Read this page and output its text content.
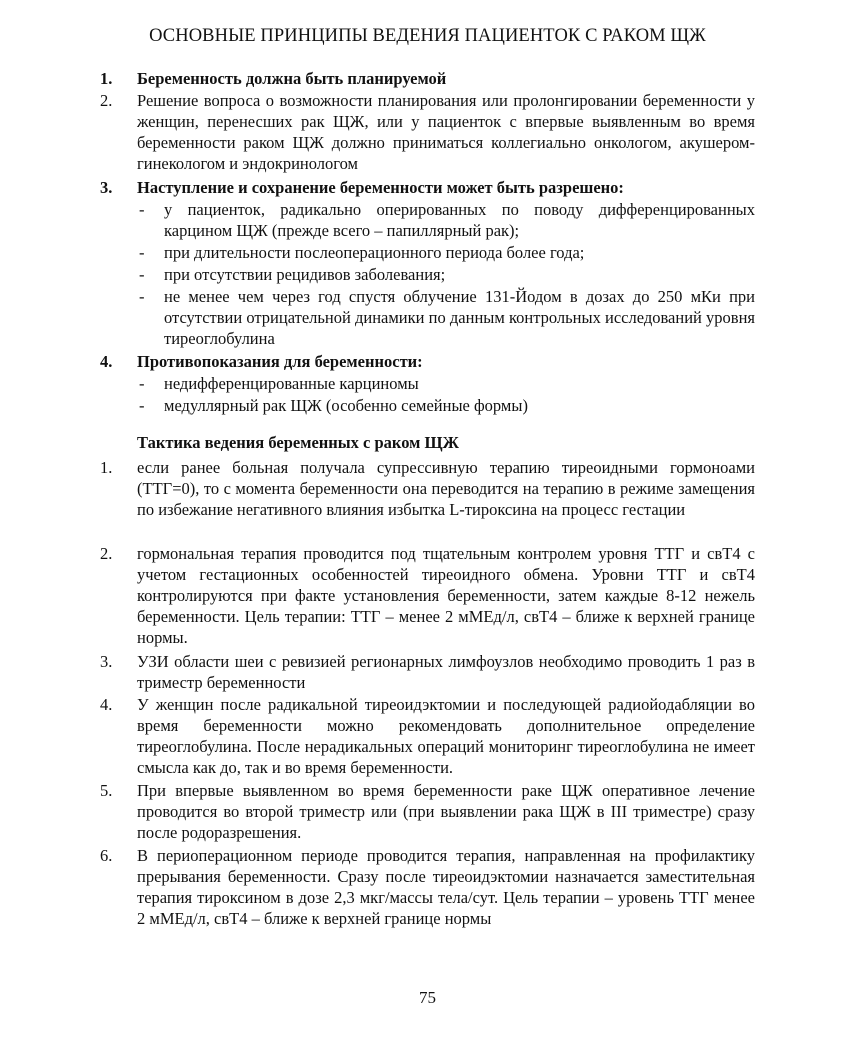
ОСНОВНЫЕ ПРИНЦИПЫ ВЕДЕНИЯ ПАЦИЕНТОК С РАКОМ ЩЖ
1. Беременность должна быть планируемой
2. Решение вопроса о возможности планирования или пролонгировании беременности у женщин, перенесших рак ЩЖ, или у пациенток с впервые выявленным во время беременности раком ЩЖ должно приниматься коллегиально онкологом, акушером-гинекологом и эндокринологом
3. Наступление и сохранение беременности может быть разрешено:
- у пациенток, радикально оперированных по поводу дифференцированных карцином ЩЖ (прежде всего – папиллярный рак);
- при длительности послеоперационного периода более года;
- при отсутствии рецидивов заболевания;
- не менее чем через год спустя облучение 131-Йодом в дозах до 250 мКи при отсутствии отрицательной динамики по данным контрольных исследований уровня тиреоглобулина
4. Противопоказания для беременности:
- недифференцированные карциномы
- медуллярный рак ЩЖ (особенно семейные формы)
Тактика ведения беременных с раком ЩЖ
1. если ранее больная получала супрессивную терапию тиреоидными гормоноами (ТТГ=0), то с момента беременности она переводится на терапию в режиме замещения по избежание негативного влияния избытка L-тироксина на процесс гестации
2. гормональная терапия проводится под тщательным контролем уровня ТТГ и свТ4 с учетом гестационных особенностей тиреоидного обмена. Уровни ТТГ и свТ4 контролируются при факте установления беременности, затем каждые 8-12 нежель беременности. Цель терапии: ТТГ – менее 2 мМЕд/л, свТ4 – ближе к верхней границе нормы.
3. УЗИ области шеи с ревизией регионарных лимфоузлов необходимо проводить 1 раз в триместр беременности
4. У женщин после радикальной тиреоидэктомии и последующей радиойодабляции во время беременности можно рекомендовать дополнительное определение тиреоглобулина. После нерадикальных операций мониторинг тиреоглобулина не имеет смысла как до, так и во время беременности.
5. При впервые выявленном во время беременности раке ЩЖ оперативное лечение проводится во второй триместр или (при выявлении рака ЩЖ в III триместре) сразу после родоразрешения.
6. В периоперационном периоде проводится терапия, направленная на профилактику прерывания беременности. Сразу после тиреоидэктомии назначается заместительная терапия тироксином в дозе 2,3 мкг/массы тела/сут. Цель терапии – уровень ТТГ менее 2 мМЕд/л, свТ4 – ближе к верхней границе нормы
75
